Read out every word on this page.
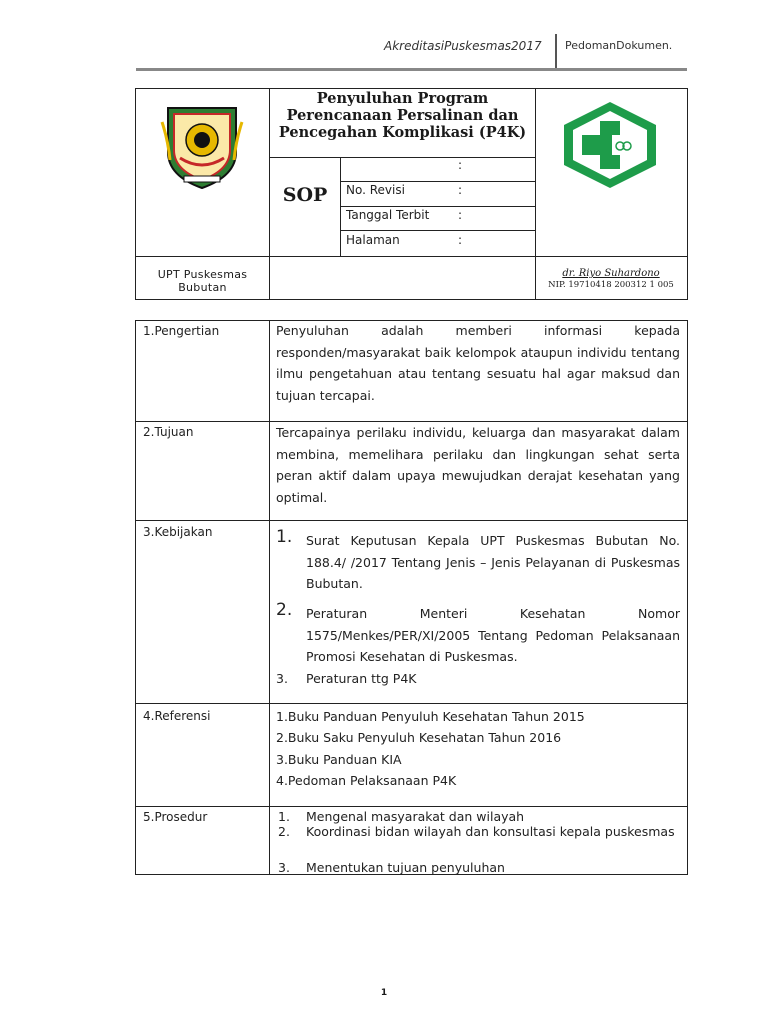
AkreditasiPuskesmas2017 PedomanDokumen.
Penyuluhan Program Perencanaan Persalinan dan Pencegahan Komplikasi (P4K)
SOP
:
No. Revisi	:
Tanggal Terbit :
Halaman	:
UPT Puskesmas Bubutan
dr. Riyo Suhardono
NIP. 19710418 200312 1 005
1.Pengertian	Penyuluhan adalah memberi informasi kepada responden/masyarakat baik kelompok ataupun individu tentang ilmu pengetahuan atau tentang sesuatu hal agar maksud dan tujuan tercapai.
2.Tujuan	Tercapainya perilaku individu, keluarga dan masyarakat dalam membina, memelihara perilaku dan lingkungan sehat serta peran aktif dalam upaya mewujudkan derajat kesehatan yang optimal.
3.Kebijakan	1. Surat Keputusan Kepala UPT Puskesmas Bubutan No. 188.4/ /2017 Tentang Jenis – Jenis Pelayanan di Puskesmas Bubutan.
2. Peraturan Menteri Kesehatan Nomor 1575/Menkes/PER/XI/2005 Tentang Pedoman Pelaksanaan Promosi Kesehatan di Puskesmas.
3. Peraturan ttg P4K
4.Referensi	1.Buku Panduan Penyuluh Kesehatan Tahun 2015
2.Buku Saku Penyuluh Kesehatan Tahun 2016
3.Buku Panduan KIA
4.Pedoman Pelaksanaan P4K
5.Prosedur	1. Mengenal masyarakat dan wilayah
2. Koordinasi bidan wilayah dan konsultasi kepala puskesmas
3. Menentukan tujuan penyuluhan
1
